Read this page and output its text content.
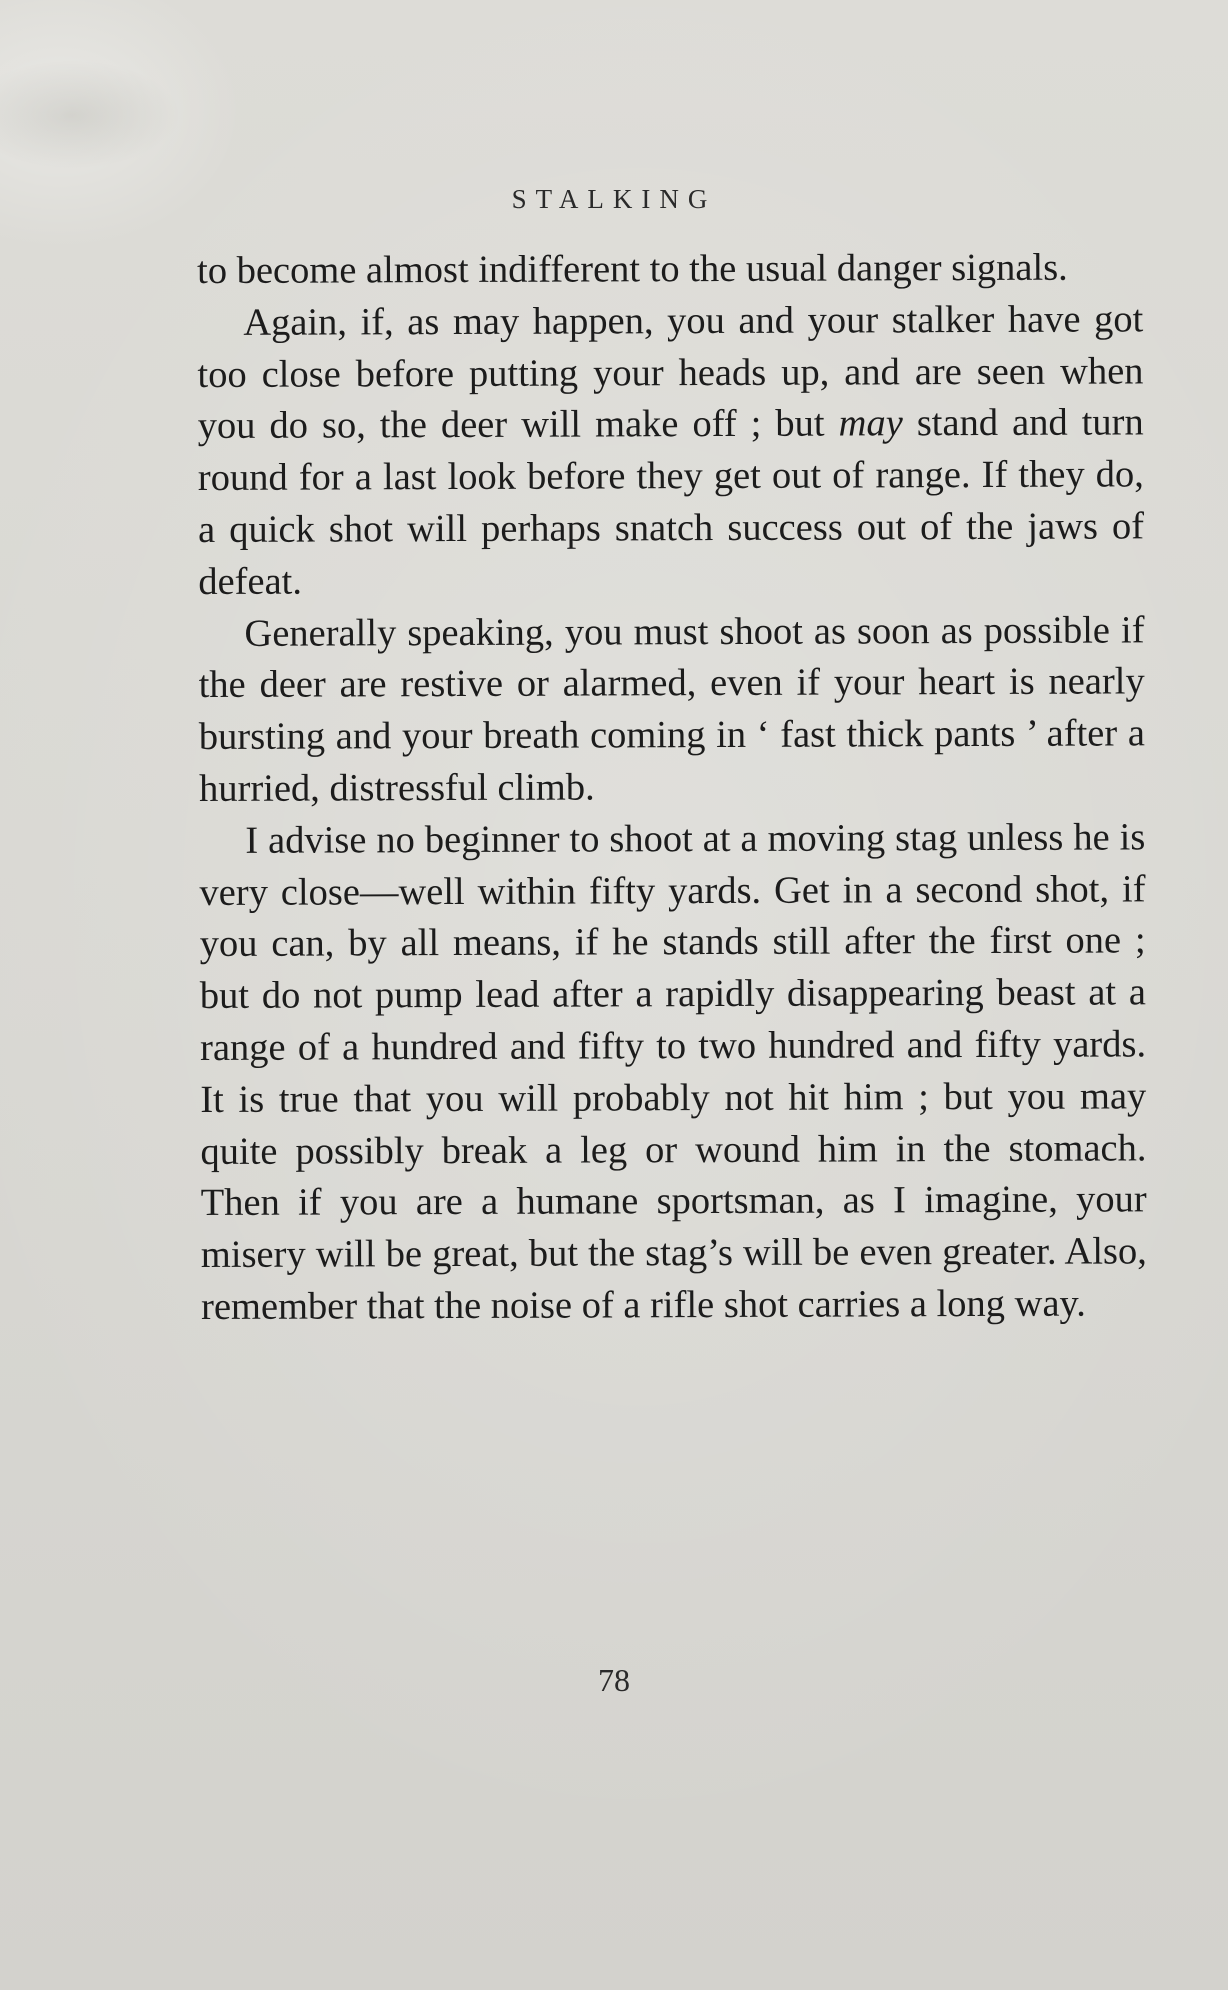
STALKING

to become almost indifferent to the usual danger signals.

Again, if, as may happen, you and your stalker have got too close before putting your heads up, and are seen when you do so, the deer will make off ; but may stand and turn round for a last look before they get out of range. If they do, a quick shot will perhaps snatch success out of the jaws of defeat.

Generally speaking, you must shoot as soon as possible if the deer are restive or alarmed, even if your heart is nearly bursting and your breath coming in ‘ fast thick pants ’ after a hurried, distressful climb.

I advise no beginner to shoot at a moving stag unless he is very close—well within fifty yards. Get in a second shot, if you can, by all means, if he stands still after the first one ; but do not pump lead after a rapidly disappearing beast at a range of a hundred and fifty to two hundred and fifty yards. It is true that you will probably not hit him ; but you may quite possibly break a leg or wound him in the stomach. Then if you are a humane sportsman, as I imagine, your misery will be great, but the stag’s will be even greater. Also, remember that the noise of a rifle shot carries a long way.

78
